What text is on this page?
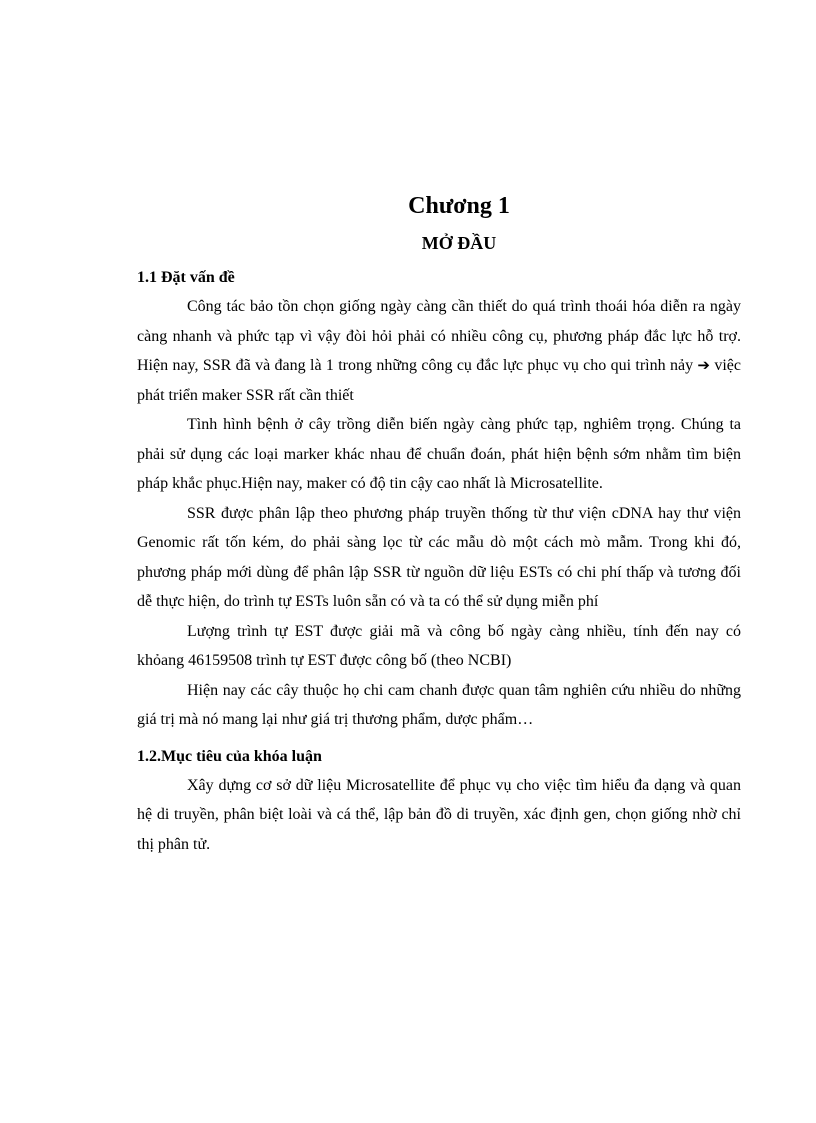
Chương 1
MỞ ĐẦU
1.1 Đặt vấn đề

Công tác bảo tồn chọn giống ngày càng cần thiết do quá trình thoái hóa diễn ra ngày càng nhanh và phức tạp vì vậy đòi hỏi phải có nhiều công cụ, phương pháp đắc lực hỗ trợ. Hiện nay, SSR đã và đang là 1 trong những công cụ đắc lực phục vụ cho qui trình nảy ➔ việc phát triển maker SSR rất cần thiết

Tình hình bệnh ở cây trồng diễn biến ngày càng phức tạp, nghiêm trọng. Chúng ta phải sử dụng các loại marker khác nhau để chuẩn đoán, phát hiện bệnh sớm nhằm tìm biện pháp khắc phục.Hiện nay, maker có độ tin cậy cao nhất là Microsatellite.

SSR được phân lập theo phương pháp truyền thống từ thư viện cDNA hay thư viện Genomic rất tốn kém, do phải sàng lọc từ các mẫu dò một cách mò mẫm. Trong khi đó, phương pháp mới dùng để phân lập SSR từ nguồn dữ liệu ESTs có chi phí thấp và tương đối dễ thực hiện, do trình tự ESTs luôn sẵn có và ta có thể sử dụng miễn phí

Lượng trình tự EST được giải mã và công bố ngày càng nhiều, tính đến nay có khỏang 46159508 trình tự EST được công bố (theo NCBI)

Hiện nay các cây thuộc họ chi cam chanh được quan tâm nghiên cứu nhiều do những giá trị mà nó mang lại như giá trị thương phẩm, dược phẩm…

1.2.Mục tiêu của khóa luận

Xây dựng cơ sở dữ liệu Microsatellite để phục vụ cho việc tìm hiểu đa dạng và quan hệ di truyền, phân biệt loài và cá thể, lập bản đồ di truyền, xác định gen, chọn giống nhờ chỉ thị phân tử.
